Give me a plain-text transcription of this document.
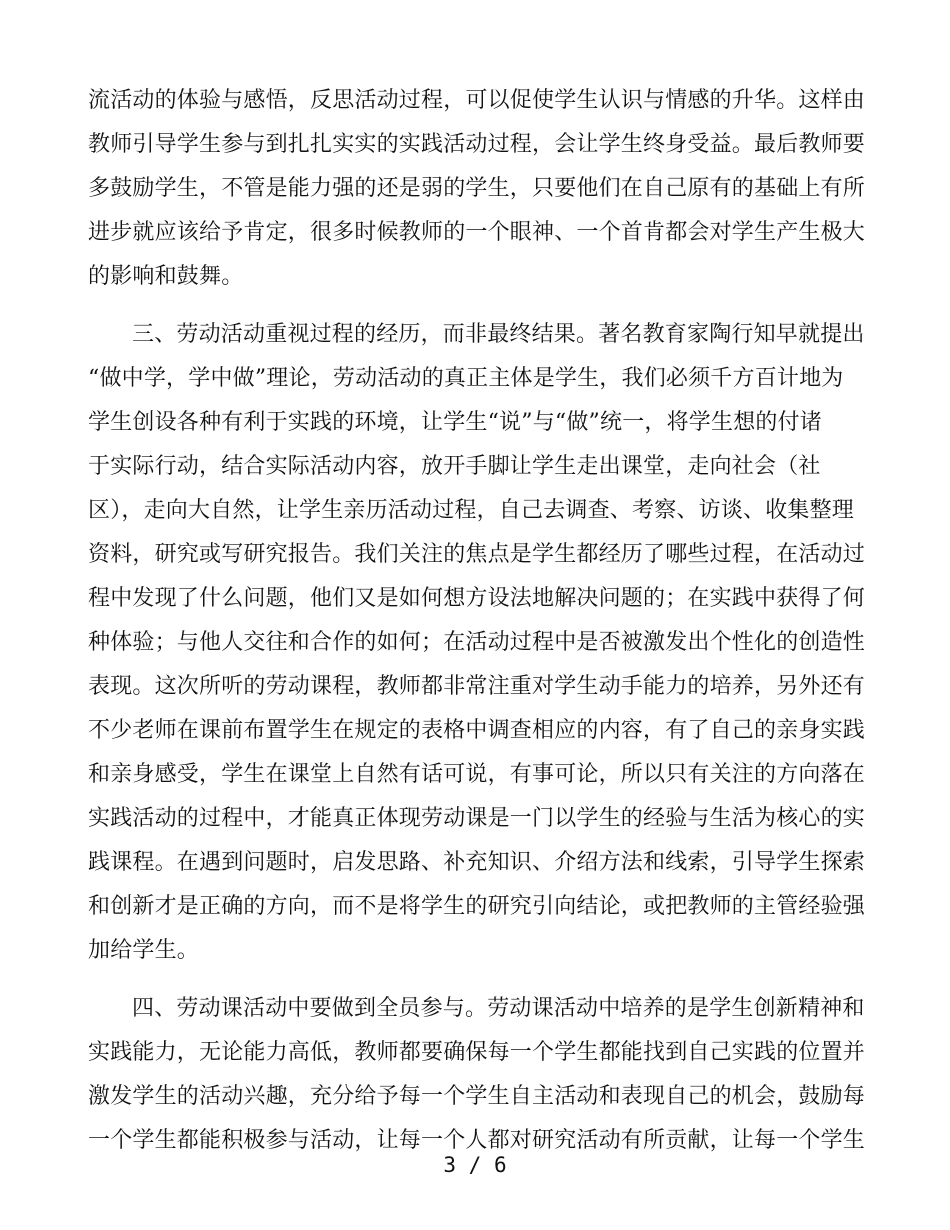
流活动的体验与感悟，反思活动过程，可以促使学生认识与情感的升华。这样由
教师引导学生参与到扎扎实实的实践活动过程，会让学生终身受益。最后教师要
多鼓励学生，不管是能力强的还是弱的学生，只要他们在自己原有的基础上有所
进步就应该给予肯定，很多时候教师的一个眼神、一个首肯都会对学生产生极大
的影响和鼓舞。
三、劳动活动重视过程的经历，而非最终结果。著名教育家陶行知早就提出
“做中学，学中做”理论，劳动活动的真正主体是学生，我们必须千方百计地为
学生创设各种有利于实践的环境，让学生“说”与“做”统一，将学生想的付诸
于实际行动，结合实际活动内容，放开手脚让学生走出课堂，走向社会（社
区），走向大自然，让学生亲历活动过程，自己去调查、考察、访谈、收集整理
资料，研究或写研究报告。我们关注的焦点是学生都经历了哪些过程，在活动过
程中发现了什么问题，他们又是如何想方设法地解决问题的；在实践中获得了何
种体验；与他人交往和合作的如何；在活动过程中是否被激发出个性化的创造性
表现。这次所听的劳动课程，教师都非常注重对学生动手能力的培养，另外还有
不少老师在课前布置学生在规定的表格中调查相应的内容，有了自己的亲身实践
和亲身感受，学生在课堂上自然有话可说，有事可论，所以只有关注的方向落在
实践活动的过程中，才能真正体现劳动课是一门以学生的经验与生活为核心的实
践课程。在遇到问题时，启发思路、补充知识、介绍方法和线索，引导学生探索
和创新才是正确的方向，而不是将学生的研究引向结论，或把教师的主管经验强
加给学生。
四、劳动课活动中要做到全员参与。劳动课活动中培养的是学生创新精神和
实践能力，无论能力高低，教师都要确保每一个学生都能找到自己实践的位置并
激发学生的活动兴趣，充分给予每一个学生自主活动和表现自己的机会，鼓励每
一个学生都能积极参与活动，让每一个人都对研究活动有所贡献，让每一个学生
3 / 6
